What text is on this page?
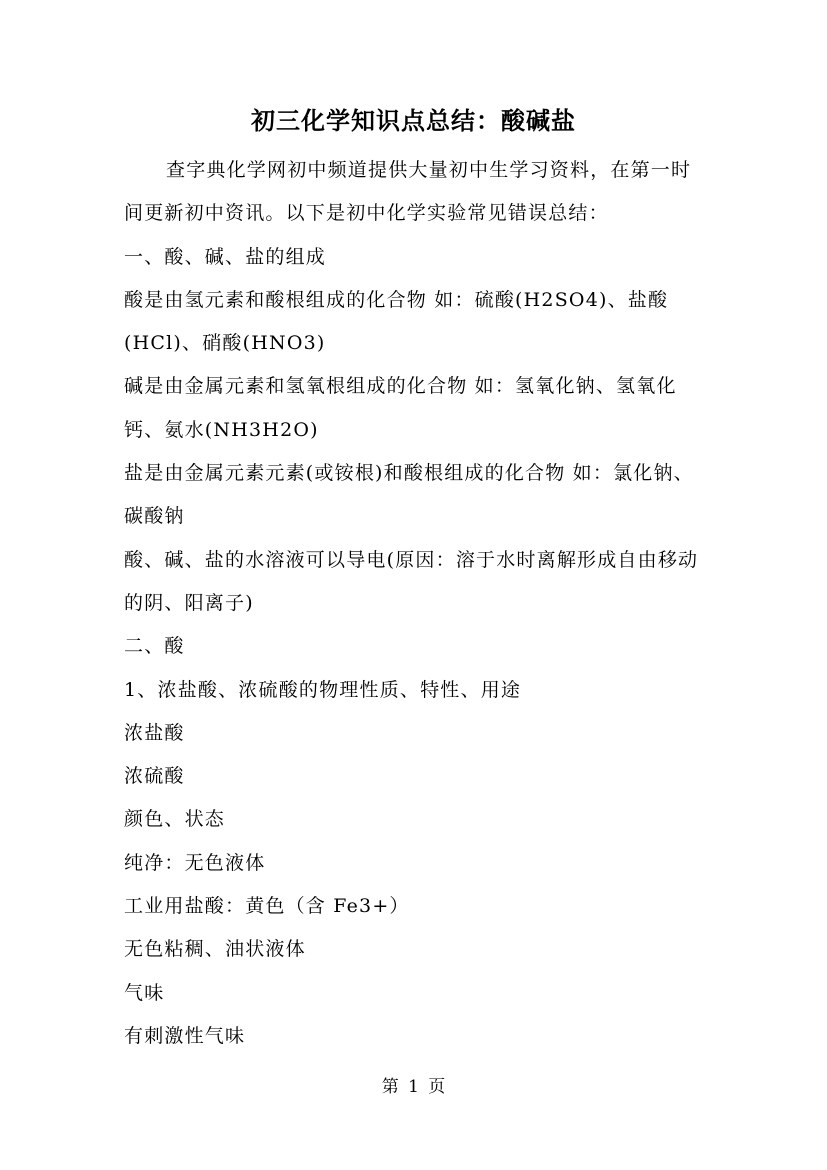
初三化学知识点总结：酸碱盐

查字典化学网初中频道提供大量初中生学习资料，在第一时间更新初中资讯。以下是初中化学实验常见错误总结：

一、酸、碱、盐的组成

酸是由氢元素和酸根组成的化合物 如：硫酸(H2SO4)、盐酸(HCl)、硝酸(HNO3)

碱是由金属元素和氢氧根组成的化合物 如：氢氧化钠、氢氧化钙、氨水(NH3H2O)

盐是由金属元素元素(或铵根)和酸根组成的化合物 如：氯化钠、碳酸钠

酸、碱、盐的水溶液可以导电(原因：溶于水时离解形成自由移动的阴、阳离子)

二、酸

1、浓盐酸、浓硫酸的物理性质、特性、用途

浓盐酸

浓硫酸

颜色、状态

纯净：无色液体

工业用盐酸：黄色（含 Fe3+）

无色粘稠、油状液体

气味

有刺激性气味

第 1 页
